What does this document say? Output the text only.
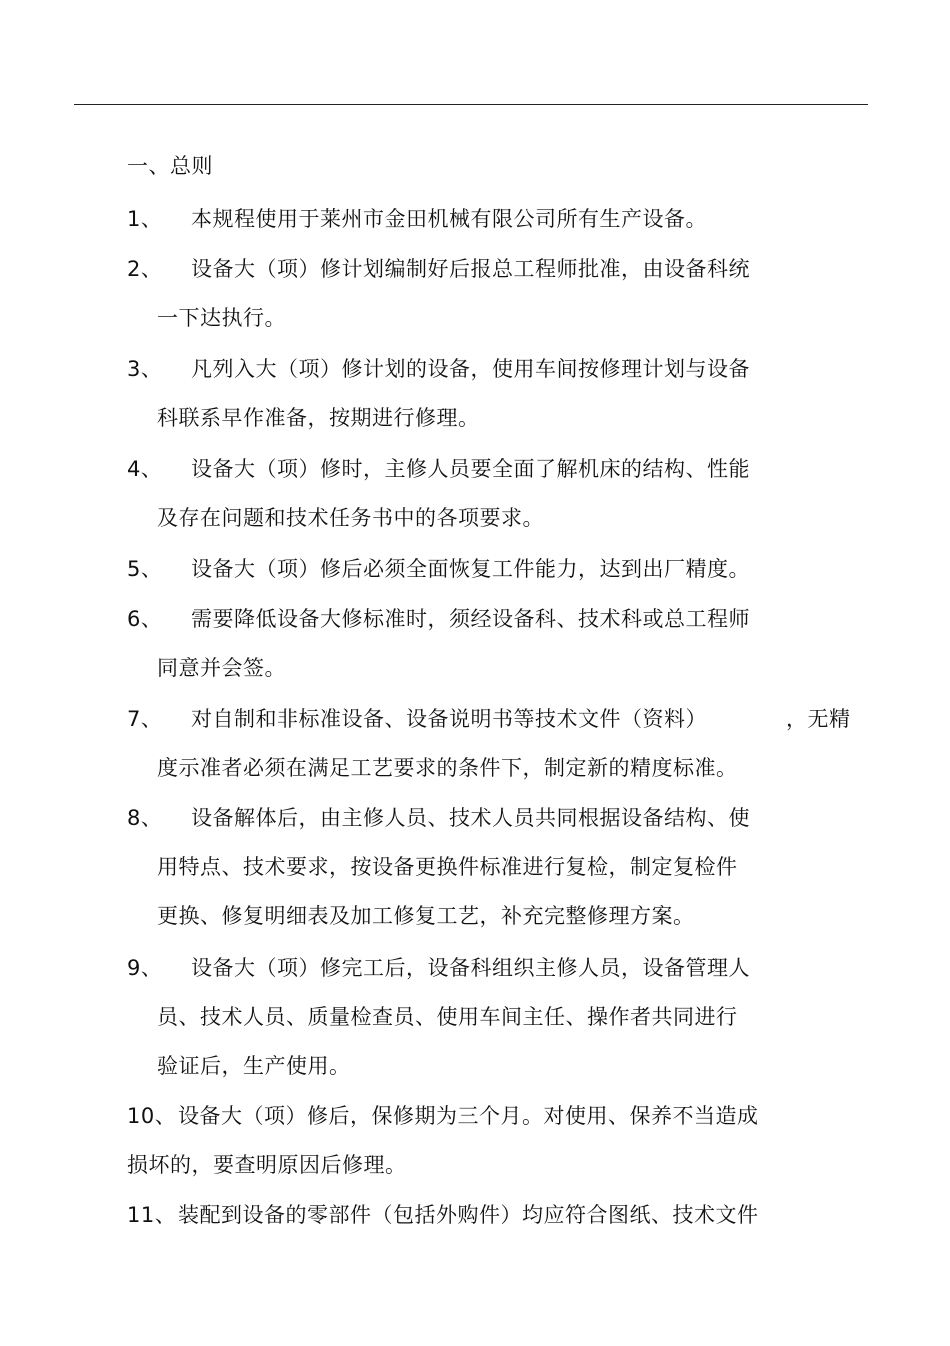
一、总则
1、 本规程使用于莱州市金田机械有限公司所有生产设备。
2、 设备大（项）修计划编制好后报总工程师批准，由设备科统
一下达执行。
3、 凡列入大（项）修计划的设备，使用车间按修理计划与设备
科联系早作准备，按期进行修理。
4、 设备大（项）修时，主修人员要全面了解机床的结构、性能
及存在问题和技术任务书中的各项要求。
5、 设备大（项）修后必须全面恢复工件能力，达到出厂精度。
6、 需要降低设备大修标准时，须经设备科、技术科或总工程师
同意并会签。
7、 对自制和非标准设备、设备说明书等技术文件（资料）	，无精
度示准者必须在满足工艺要求的条件下，制定新的精度标准。
8、 设备解体后，由主修人员、技术人员共同根据设备结构、使
用特点、技术要求，按设备更换件标准进行复检，制定复检件
更换、修复明细表及加工修复工艺，补充完整修理方案。
9、 设备大（项）修完工后，设备科组织主修人员，设备管理人
员、技术人员、质量检查员、使用车间主任、操作者共同进行
验证后，生产使用。
10、 设备大（项）修后，保修期为三个月。对使用、保养不当造成
损坏的，要查明原因后修理。
11、 装配到设备的零部件（包括外购件）均应符合图纸、技术文件
